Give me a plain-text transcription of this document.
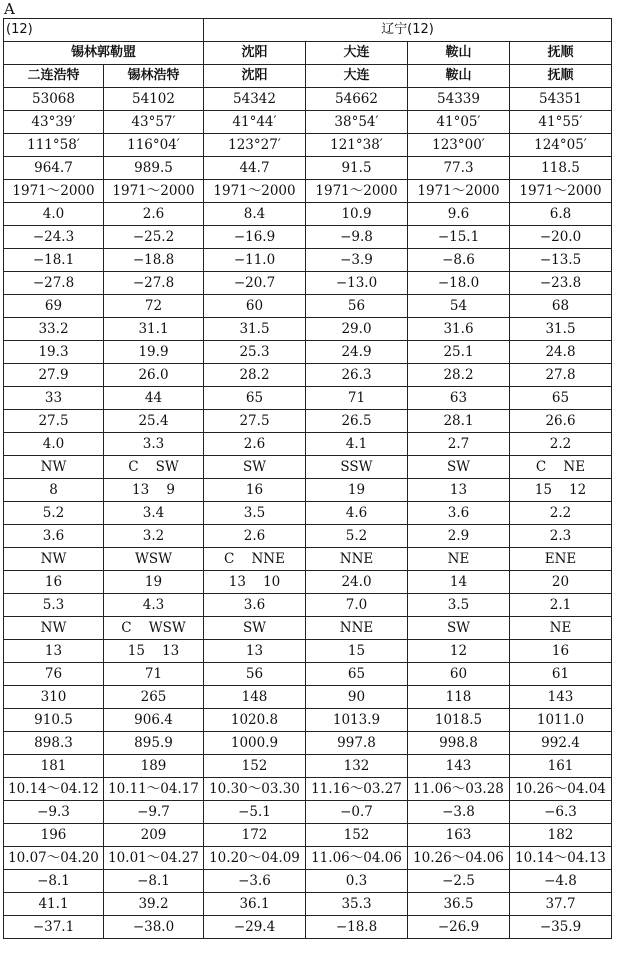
A
(12)		辽宁(12)			
锡林郭勒盟		沈阳	大连	鞍山	抚顺
二连浩特	锡林浩特	沈阳	大连	鞍山	抚顺
53068	54102	54342	54662	54339	54351
43°39′	43°57′	41°44′	38°54′	41°05′	41°55′
111°58′	116°04′	123°27′	121°38′	123°00′	124°05′
964.7	989.5	44.7	91.5	77.3	118.5
1971～2000	1971～2000	1971～2000	1971～2000	1971～2000	1971～2000
4.0	2.6	8.4	10.9	9.6	6.8
−24.3	−25.2	−16.9	−9.8	−15.1	−20.0
−18.1	−18.8	−11.0	−3.9	−8.6	−13.5
−27.8	−27.8	−20.7	−13.0	−18.0	−23.8
69	72	60	56	54	68
33.2	31.1	31.5	29.0	31.6	31.5
19.3	19.9	25.3	24.9	25.1	24.8
27.9	26.0	28.2	26.3	28.2	27.8
33	44	65	71	63	65
27.5	25.4	27.5	26.5	28.1	26.6
4.0	3.3	2.6	4.1	2.7	2.2
NW	C    SW	SW	SSW	SW	C    NE
8	13    9	16	19	13	15    12
5.2	3.4	3.5	4.6	3.6	2.2
3.6	3.2	2.6	5.2	2.9	2.3
NW	WSW	C    NNE	NNE	NE	ENE
16	19	13    10	24.0	14	20
5.3	4.3	3.6	7.0	3.5	2.1
NW	C    WSW	SW	NNE	SW	NE
13	15    13	13	15	12	16
76	71	56	65	60	61
310	265	148	90	118	143
910.5	906.4	1020.8	1013.9	1018.5	1011.0
898.3	895.9	1000.9	997.8	998.8	992.4
181	189	152	132	143	161
10.14～04.12	10.11～04.17	10.30～03.30	11.16～03.27	11.06～03.28	10.26～04.04
−9.3	−9.7	−5.1	−0.7	−3.8	−6.3
196	209	172	152	163	182
10.07～04.20	10.01～04.27	10.20～04.09	11.06～04.06	10.26～04.06	10.14～04.13
−8.1	−8.1	−3.6	0.3	−2.5	−4.8
41.1	39.2	36.1	35.3	36.5	37.7
−37.1	−38.0	−29.4	−18.8	−26.9	−35.9
